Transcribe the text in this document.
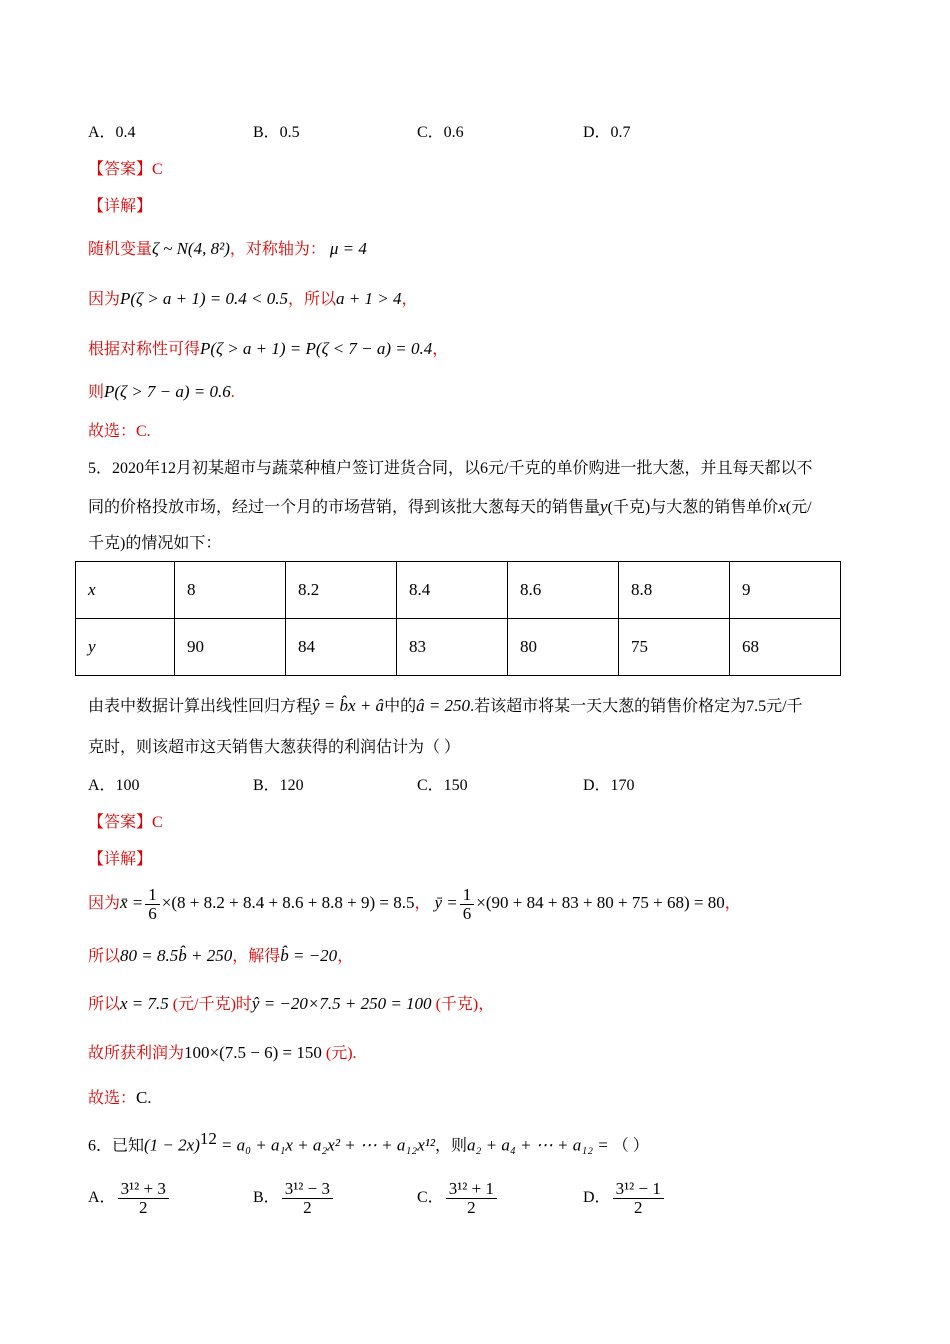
A．0.4	B．0.5	C．0.6	D．0.7
【答案】C
【详解】
随机变量ζ ~ N(4, 8²)，对称轴为： μ = 4
因为P(ζ > a + 1) = 0.4 < 0.5，所以a + 1 > 4，
根据对称性可得P(ζ > a + 1) = P(ζ < 7 − a) = 0.4，
则P(ζ > 7 − a) = 0.6.
故选：C.
5．2020年12月初某超市与蔬菜种植户签订进货合同，以6元/千克的单价购进一批大葱，并且每天都以不
同的价格投放市场，经过一个月的市场营销，得到该批大葱每天的销售量y(千克)与大葱的销售单价x(元/
千克)的情况如下：
x	8	8.2	8.4	8.6	8.8	9
y	90	84	83	80	75	68
由表中数据计算出线性回归方程ŷ = b̂x + â中的â = 250.若该超市将某一天大葱的销售价格定为7.5元/千
克时，则该超市这天销售大葱获得的利润估计为（ ）
A．100	B．120	C．150	D．170
【答案】C
【详解】
因为x̄ = $\frac{1}{6} \times(8 + 8.2 + 8.4 + 8.6 + 8.8 + 9) = 8.5$， ȳ = $\frac{1}{6} \times(90 + 84 + 83 + 80 + 75 + 68) = 80$，
所以80 = 8.5b̂ + 250，解得b̂ = −20，
所以x = 7.5 (元/千克)时ŷ = −20×7.5 + 250 = 100 (千克)，
故所获利润为100×(7.5 − 6) = 150 (元).
故选：C.
6．已知$(1 - 2x)^{12} = a_0 + a_1x + a_2x^2$ + ⋯ + a₁₂x¹²，则a₂ + a₄ + ⋯ + a₁₂ = （ ）
A． $\frac{\text{3¹² + 3}}{2}$	B． $\frac{\text{3¹² − 3}}{2}$	C． $\frac{\text{3¹² + 1}}{2}$	D． $\frac{\text{3¹² − 1}}{2}$
